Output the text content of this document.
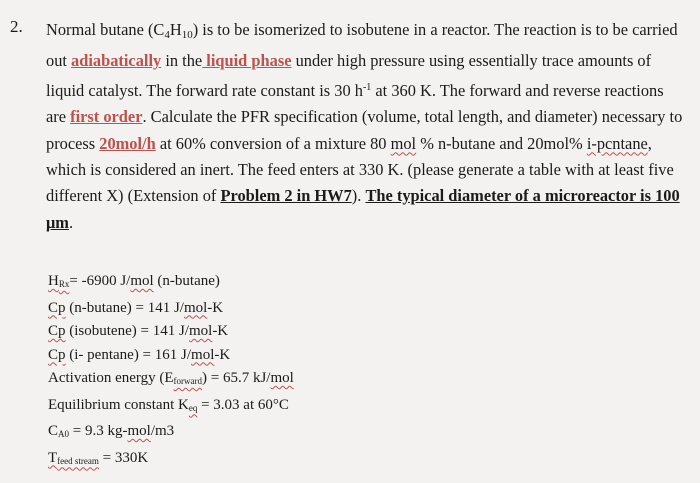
2. Normal butane $(C_4H_{10})$ is to be isomerized to isobutene in a reactor. The reaction is to be carried out adiabatically in the liquid phase under high pressure using essentially trace amounts of liquid catalyst. The forward rate constant is 30 $h^{-1}$ at 360 K. The forward and reverse reactions are first order. Calculate the PFR specification (volume, total length, and diameter) necessary to process 20mol/h at 60% conversion of a mixture 80 mol % n-butane and 20mol% i-pcntane, which is considered an inert. The feed enters at 330 K. (please generate a table with at least five different X) (Extension of Problem 2 in HW7). The typical diameter of a microreactor is 100 μm.
HRx= -6900 J/mol (n-butane)
Cp (n-butane) = 141 J/mol-K
Cp (isobutene) = 141 J/mol-K
Cp (i- pentane) = 161 J/mol-K
Activation energy (Eforward) = 65.7 kJ/mol
Equilibrium constant Keq = 3.03 at 60°C
CA0 = 9.3 kg-mol/m3
Tfeed stream = 330K
